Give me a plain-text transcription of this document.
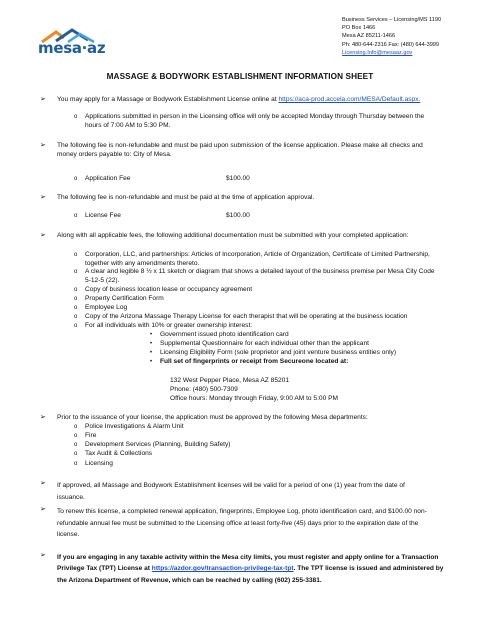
mesa·az
Business Services – Licensing/MS 1190
PO Box 1466
Mesa AZ 85211-1466
Ph: 480-644-2316 Fax: (480) 644-3999
Licensing.Info@mesaaz.gov
MASSAGE & BODYWORK ESTABLISHMENT INFORMATION SHEET
➢ You may apply for a Massage or Bodywork Establishment License online at https://aca-prod.accela.com/MESA/Default.aspx.
o Applications submitted in person in the Licensing office will only be accepted Monday through Thursday between the
hours of 7:00 AM to 5:30 PM.
➢ The following fee is non-refundable and must be paid upon submission of the license application. Please make all checks and
money orders payable to: City of Mesa.
o Application Fee	$100.00
➢ The following fee is non-refundable and must be paid at the time of application approval.
o License Fee	$100.00
➢ Along with all applicable fees, the following additional documentation must be submitted with your completed application:
o Corporation, LLC, and partnerships: Articles of Incorporation, Article of Organization, Certificate of Limited Partnership,
together with any amendments thereto.
o A clear and legible 8 ½ x 11 sketch or diagram that shows a detailed layout of the business premise per Mesa City Code
5-12-5 (22).
o Copy of business location lease or occupancy agreement
o Property Certification Form
o Employee Log
o Copy of the Arizona Massage Therapy License for each therapist that will be operating at the business location
o For all individuals with 10% or greater ownership interest:
• Government issued photo identification card
• Supplemental Questionnaire for each individual other than the applicant
• Licensing Eligibility Form (sole proprietor and joint venture business entities only)
• Full set of fingerprints or receipt from Secureone located at:
132 West Pepper Place, Mesa AZ 85201
Phone: (480) 500-7309
Office hours: Monday through Friday, 9:00 AM to 5:00 PM
➢ Prior to the issuance of your license, the application must be approved by the following Mesa departments:
o Police Investigations & Alarm Unit
o Fire
o Development Services (Planning, Building Safety)
o Tax Audit & Collections
o Licensing
➢ If approved, all Massage and Bodywork Establishment licenses will be valid for a period of one (1) year from the date of
issuance.
➢ To renew this license, a completed renewal application, fingerprints, Employee Log, photo identification card, and $100.00 non-
refundable annual fee must be submitted to the Licensing office at least forty-five (45) days prior to the expiration date of the
license.
➢ If you are engaging in any taxable activity within the Mesa city limits, you must register and apply online for a Transaction
Privilege Tax (TPT) License at https://azdor.gov/transaction-privilege-tax-tpt. The TPT license is issued and administered by
the Arizona Department of Revenue, which can be reached by calling (602) 255-3381.
